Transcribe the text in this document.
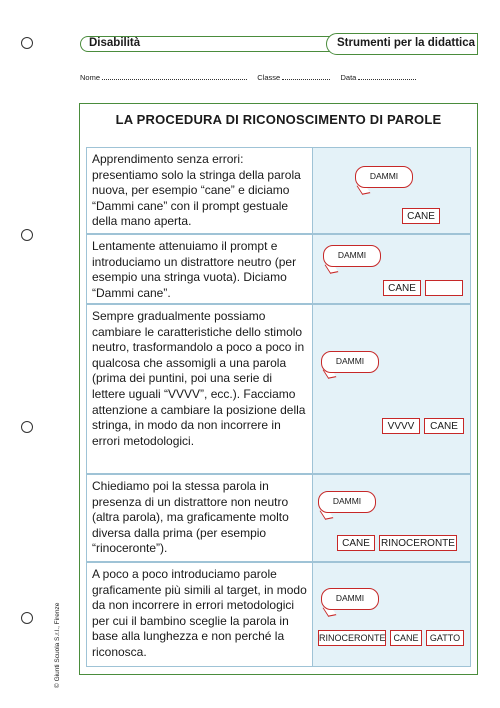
Disabilità	Strumenti per la didattica
Nome	Classe	Data
LA PROCEDURA DI RICONOSCIMENTO DI PAROLE
Apprendimento senza errori: presentiamo solo la stringa della parola nuova, per esempio “cane” e diciamo “Dammi cane” con il prompt gestuale della mano aperta.
DAMMI
CANE
Lentamente attenuiamo il prompt e introduciamo un distrattore neutro (per esempio una stringa vuota). Diciamo “Dammi cane”.
DAMMI
CANE
Sempre gradualmente possiamo cambiare le caratteristiche dello stimolo neutro, trasformandolo a poco a poco in qualcosa che assomigli a una parola (prima dei puntini, poi una serie di lettere uguali “VVVV”, ecc.). Facciamo attenzione a cambiare la posizione della stringa, in modo da non incorrere in errori metodologici.
DAMMI
VVVV	CANE
Chiediamo poi la stessa parola in presenza di un distrattore non neutro (altra parola), ma graficamente molto diversa dalla prima (per esempio “rinoceronte”).
DAMMI
CANE	RINOCERONTE
A poco a poco introduciamo parole graficamente più simili al target, in modo da non incorrere in errori metodologici per cui il bambino sceglie la parola in base alla lunghezza e non perché la riconosca.
DAMMI
RINOCERONTE CANE	GATTO
© Giunti Scuola S.r.l., Firenze
